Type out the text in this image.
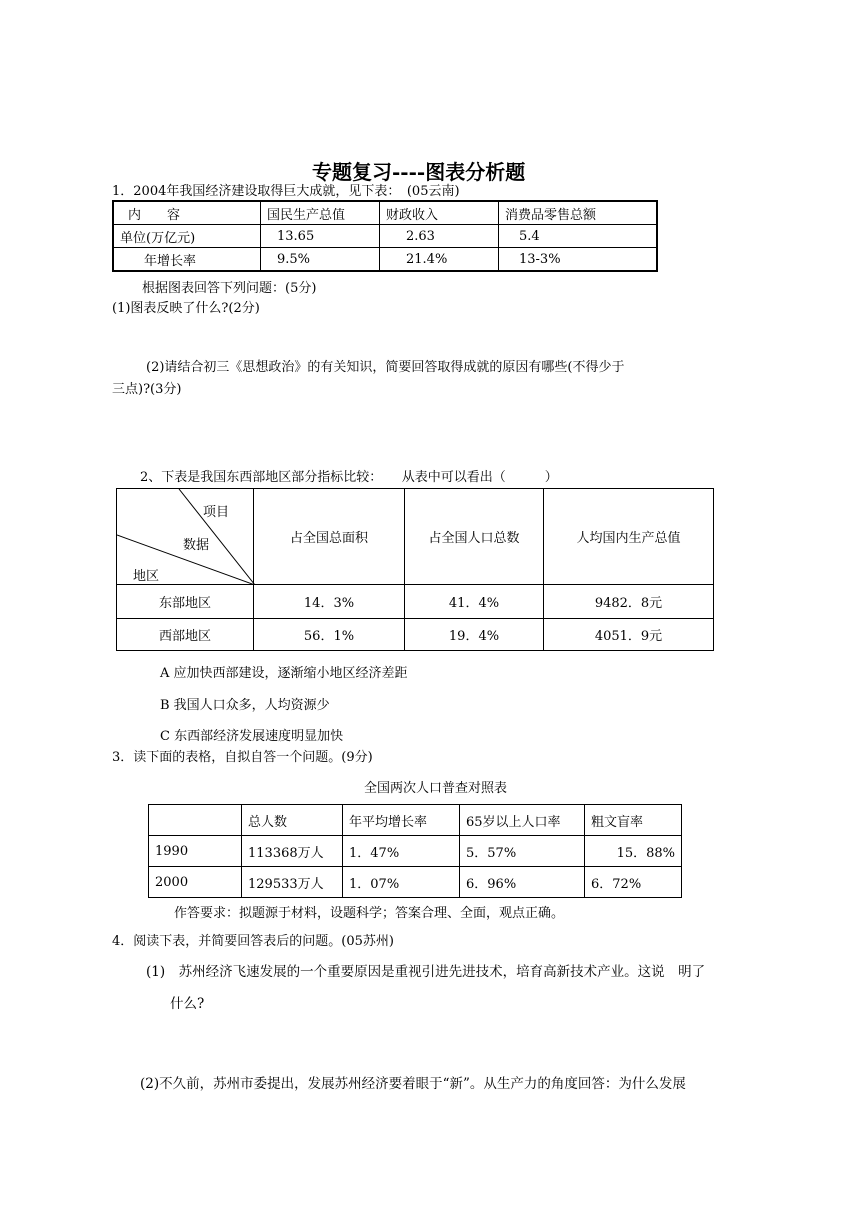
专题复习----图表分析题
1．2004年我国经济建设取得巨大成就，见下表：　(05云南)
内　　容	国民生产总值	财政收入	消费品零售总额
单位(万亿元)	13.65	2.63	5.4
年增长率	9.5%	21.4%	13-3%
根据图表回答下列问题：(5分)
(1)图表反映了什么?(2分)
(2)请结合初三《思想政治》的有关知识，简要回答取得成就的原因有哪些(不得少于
三点)?(3分)
2、下表是我国东西部地区部分指标比较：　　从表中可以看出（　　　）
项目
数据
地区	占全国总面积	占全国人口总数	人均国内生产总值
东部地区	14．3%	41．4%	9482．8元
西部地区	56．1%	19．4%	4051．9元
A 应加快西部建设，逐渐缩小地区经济差距
B 我国人口众多，人均资源少
C 东西部经济发展速度明显加快
3．读下面的表格，自拟自答一个问题。(9分)
全国两次人口普查对照表
	总人数	年平均增长率	65岁以上人口率	粗文盲率
1990	113368万人	1．47%	5．57%	15．88%
2000	129533万人	1．07%	6．96%	6．72%
作答要求：拟题源于材料，设题科学；答案合理、全面，观点正确。
4．阅读下表，并简要回答表后的问题。(05苏州)
(1)　苏州经济飞速发展的一个重要原因是重视引进先进技术，培育高新技术产业。这说　明了
什么?
(2)不久前，苏州市委提出，发展苏州经济要着眼于“新”。从生产力的角度回答：为什么发展
